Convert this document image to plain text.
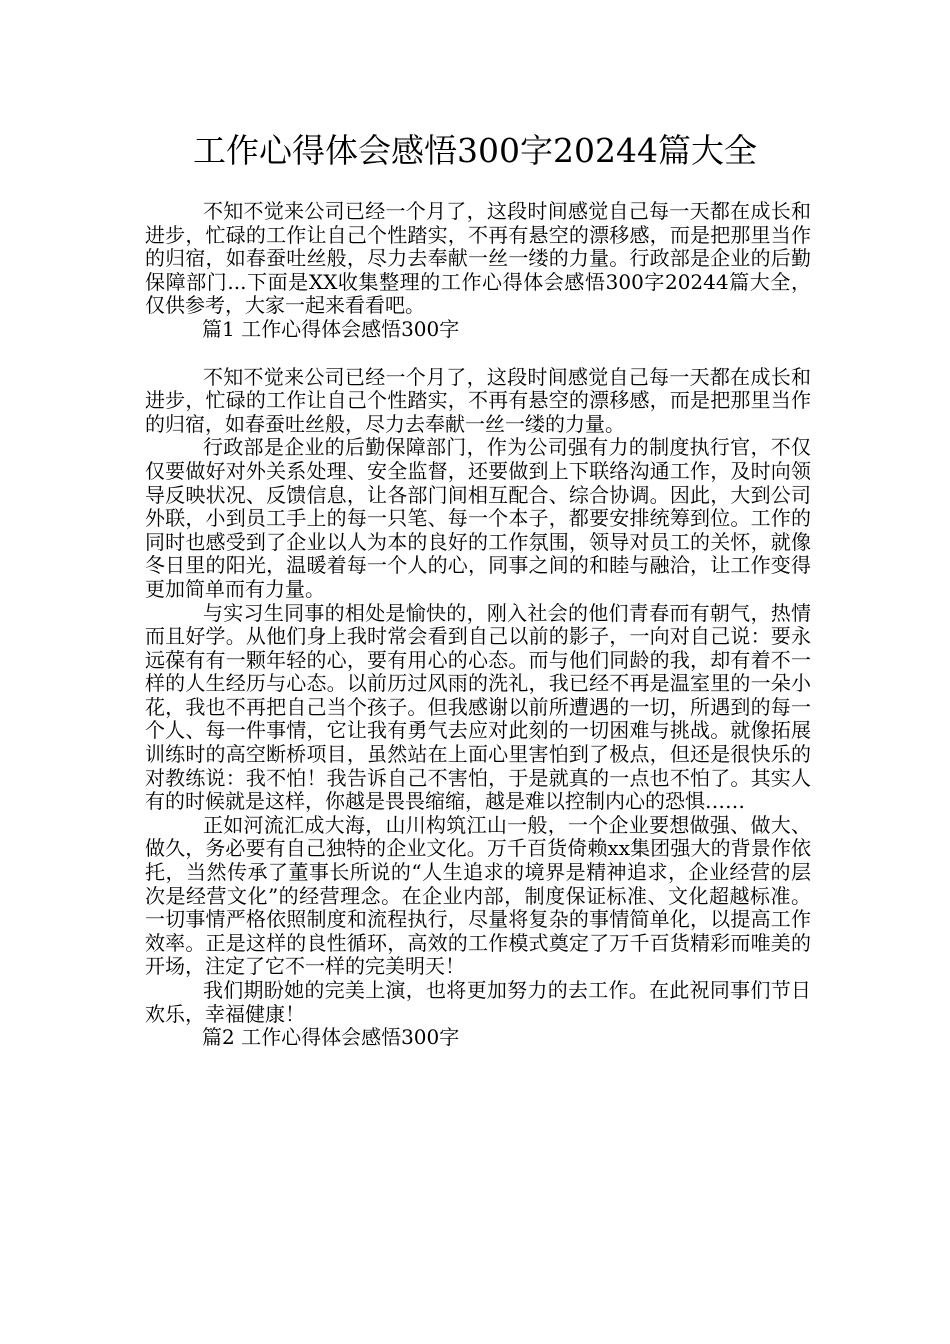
工作心得体会感悟300字20244篇大全

不知不觉来公司已经一个月了，这段时间感觉自己每一天都在成长和进步，忙碌的工作让自己个性踏实，不再有悬空的漂移感，而是把那里当作的归宿，如春蚕吐丝般，尽力去奉献一丝一缕的力量。行政部是企业的后勤保障部门...下面是XX收集整理的工作心得体会感悟300字20244篇大全，仅供参考，大家一起来看看吧。

篇1 工作心得体会感悟300字

不知不觉来公司已经一个月了，这段时间感觉自己每一天都在成长和进步，忙碌的工作让自己个性踏实，不再有悬空的漂移感，而是把那里当作的归宿，如春蚕吐丝般，尽力去奉献一丝一缕的力量。

行政部是企业的后勤保障部门，作为公司强有力的制度执行官，不仅仅要做好对外关系处理、安全监督，还要做到上下联络沟通工作，及时向领导反映状况、反馈信息，让各部门间相互配合、综合协调。因此，大到公司外联，小到员工手上的每一只笔、每一个本子，都要安排统筹到位。工作的同时也感受到了企业以人为本的良好的工作氛围，领导对员工的关怀，就像冬日里的阳光，温暖着每一个人的心，同事之间的和睦与融洽，让工作变得更加简单而有力量。

与实习生同事的相处是愉快的，刚入社会的他们青春而有朝气，热情而且好学。从他们身上我时常会看到自己以前的影子，一向对自己说：要永远葆有有一颗年轻的心，要有用心的心态。而与他们同龄的我，却有着不一样的人生经历与心态。以前历过风雨的洗礼，我已经不再是温室里的一朵小花，我也不再把自己当个孩子。但我感谢以前所遭遇的一切，所遇到的每一个人、每一件事情，它让我有勇气去应对此刻的一切困难与挑战。就像拓展训练时的高空断桥项目，虽然站在上面心里害怕到了极点，但还是很快乐的对教练说：我不怕！我告诉自己不害怕，于是就真的一点也不怕了。其实人有的时候就是这样，你越是畏畏缩缩，越是难以控制内心的恐惧……

正如河流汇成大海，山川构筑江山一般，一个企业要想做强、做大、做久，务必要有自己独特的企业文化。万千百货倚赖xx集团强大的背景作依托，当然传承了董事长所说的“人生追求的境界是精神追求，企业经营的层次是经营文化”的经营理念。在企业内部，制度保证标准、文化超越标准。一切事情严格依照制度和流程执行，尽量将复杂的事情简单化，以提高工作效率。正是这样的良性循环，高效的工作模式奠定了万千百货精彩而唯美的开场，注定了它不一样的完美明天！

我们期盼她的完美上演，也将更加努力的去工作。在此祝同事们节日欢乐，幸福健康！

篇2 工作心得体会感悟300字
